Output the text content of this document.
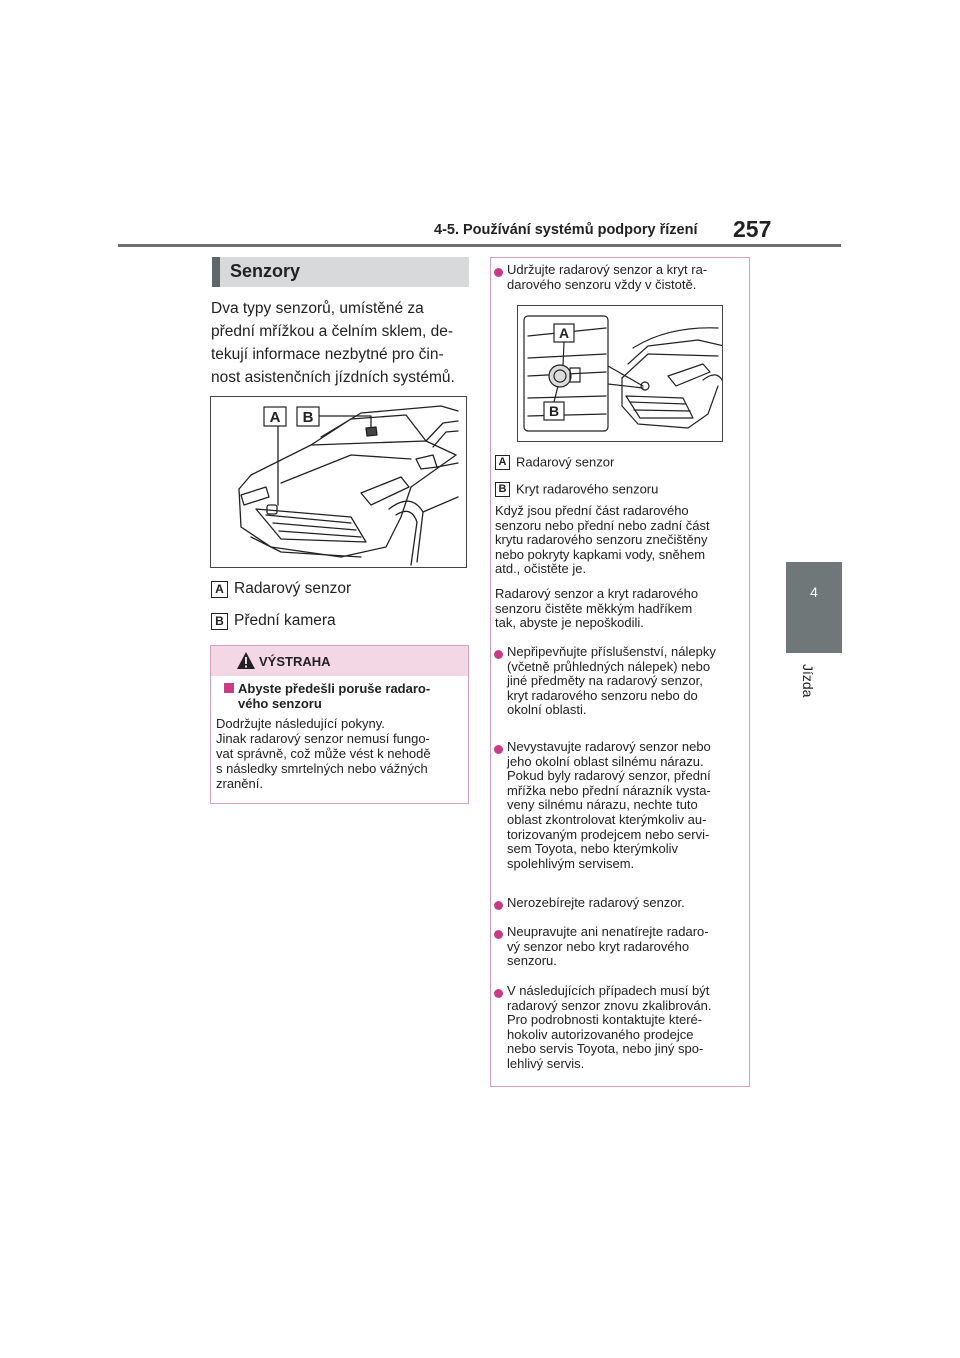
4-5. Používání systémů podpory řízení 257
4
Jízda
Senzory
Dva typy senzorů, umístěné za
přední mřížkou a čelním sklem, de-
tekují informace nezbytné pro čin-
nost asistenčních jízdních systémů.
A B
A Radarový senzor
B Přední kamera
VÝSTRAHA
Abyste předešli poruše radaro-
vého senzoru
Dodržujte následující pokyny.
Jinak radarový senzor nemusí fungo-
vat správně, což může vést k nehodě
s následky smrtelných nebo vážných
zranění.
Udržujte radarový senzor a kryt ra-
darového senzoru vždy v čistotě.
A
B
A Radarový senzor
B Kryt radarového senzoru
Když jsou přední část radarového
senzoru nebo přední nebo zadní část
krytu radarového senzoru znečištěny
nebo pokryty kapkami vody, sněhem
atd., očistěte je.
Radarový senzor a kryt radarového
senzoru čistěte měkkým hadříkem
tak, abyste je nepoškodili.
Nepřipevňujte příslušenství, nálepky
(včetně průhledných nálepek) nebo
jiné předměty na radarový senzor,
kryt radarového senzoru nebo do
okolní oblasti.
Nevystavujte radarový senzor nebo
jeho okolní oblast silnému nárazu.
Pokud byly radarový senzor, přední
mřížka nebo přední nárazník vysta-
veny silnému nárazu, nechte tuto
oblast zkontrolovat kterýmkoliv au-
torizovaným prodejcem nebo servi-
sem Toyota, nebo kterýmkoliv
spolehlivým servisem.
Nerozebírejte radarový senzor.
Neupravujte ani nenatírejte radaro-
vý senzor nebo kryt radarového
senzoru.
V následujících případech musí být
radarový senzor znovu zkalibrován.
Pro podrobnosti kontaktujte které-
hokoliv autorizovaného prodejce
nebo servis Toyota, nebo jiný spo-
lehlivý servis.
